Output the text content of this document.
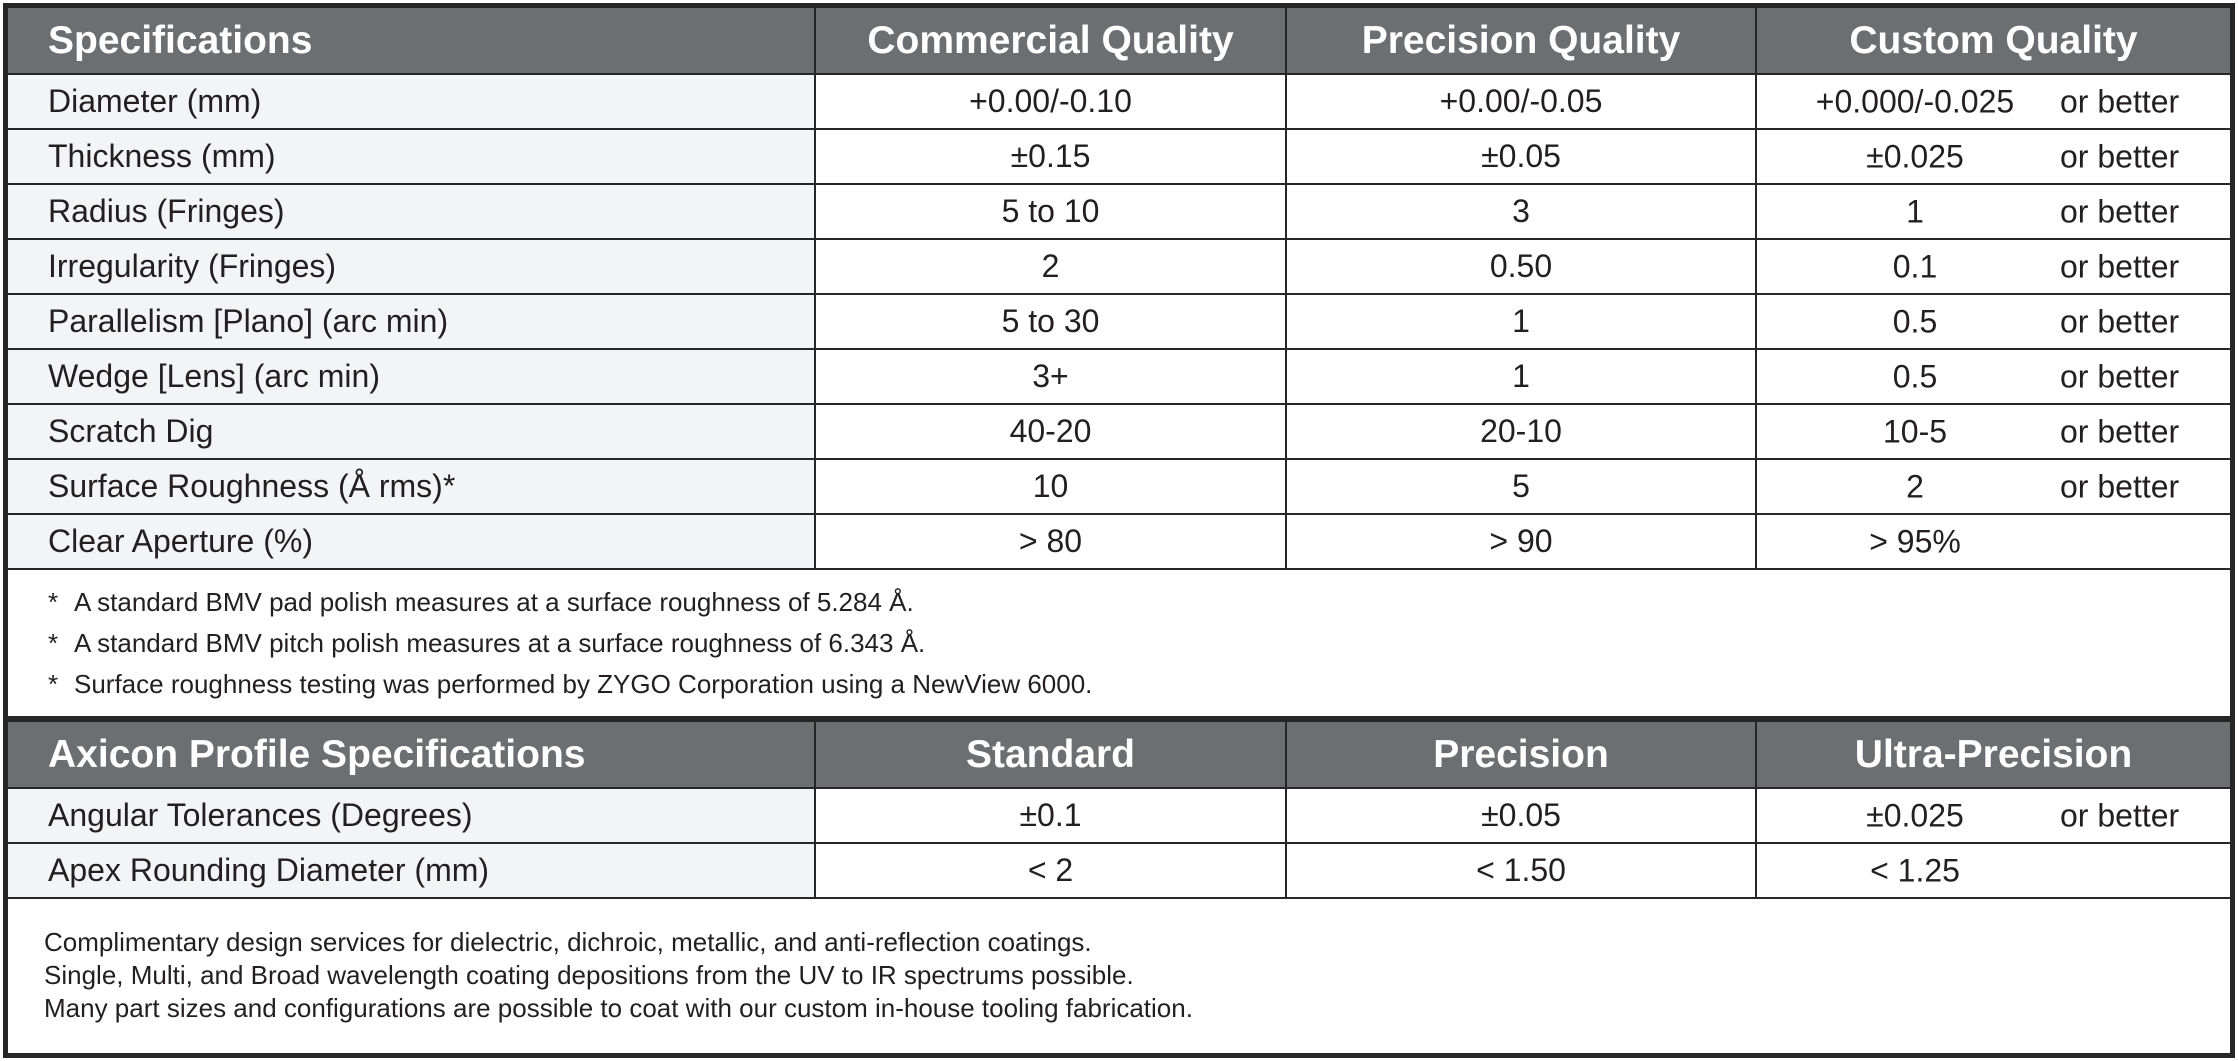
Specifications	Commercial Quality	Precision Quality	Custom Quality
Diameter (mm)	+0.00/-0.10	+0.00/-0.05	+0.000/-0.025 or better

Thickness (mm)	±0.15	±0.05	±0.025 or better

Radius (Fringes)	5 to 10	3	1 or better

Irregularity (Fringes)	2	0.50	0.1 or better

Parallelism [Plano] (arc min)	5 to 30	1	0.5 or better

Wedge [Lens] (arc min)	3+	1	0.5 or better

Scratch Dig	40-20	20-10	10-5 or better

Surface Roughness (Å rms)*	10	5	2 or better

Clear Aperture (%)	> 80	> 90	> 95%
* A standard BMV pad polish measures at a surface roughness of 5.284 Å.
* A standard BMV pitch polish measures at a surface roughness of 6.343 Å.
* Surface roughness testing was performed by ZYGO Corporation using a NewView 6000.
Axicon Profile Specifications	Standard	Precision	Ultra-Precision
Angular Tolerances (Degrees)	±0.1	±0.05	±0.025 or better

Apex Rounding Diameter (mm)	< 2	< 1.50	< 1.25
Complimentary design services for dielectric, dichroic, metallic, and anti-reflection coatings.
Single, Multi, and Broad wavelength coating depositions from the UV to IR spectrums possible.
Many part sizes and configurations are possible to coat with our custom in-house tooling fabrication.
